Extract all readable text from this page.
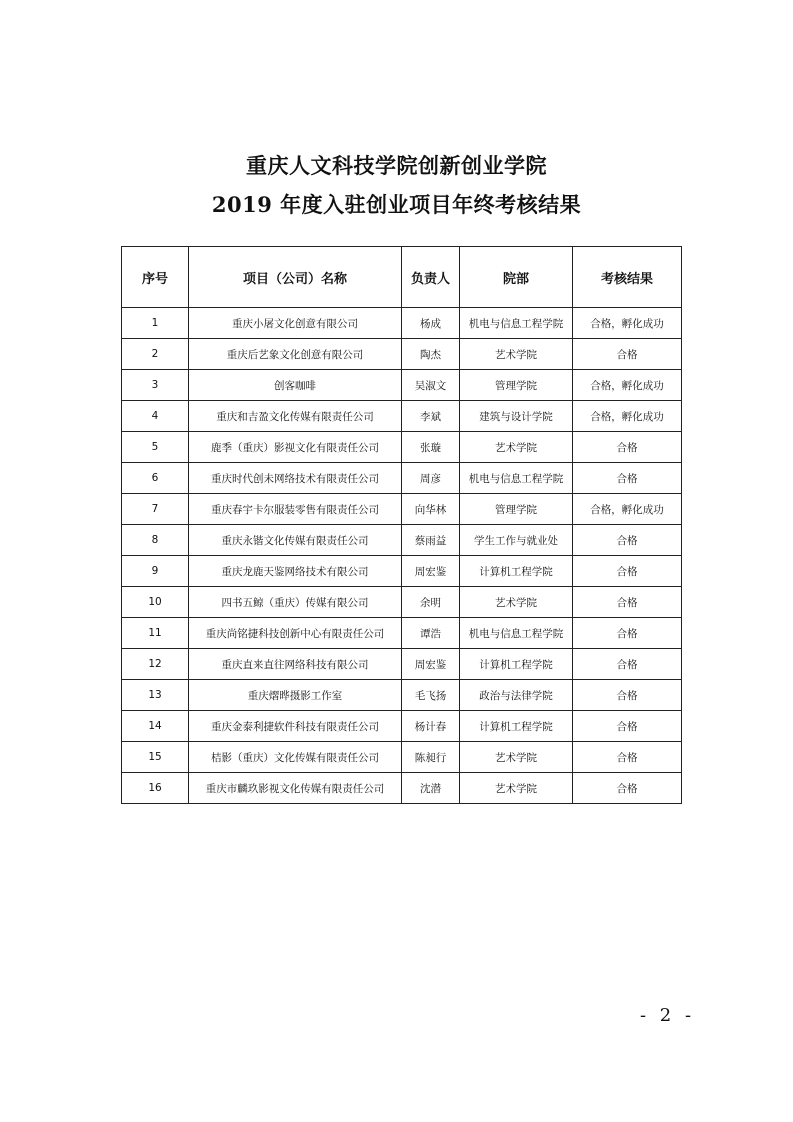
重庆人文科技学院创新创业学院
2019 年度入驻创业项目年终考核结果
序号	项目（公司）名称	负责人	院部	考核结果
1	重庆小屠文化创意有限公司	杨成	机电与信息工程学院	合格，孵化成功
2	重庆后艺象文化创意有限公司	陶杰	艺术学院	合格
3	创客咖啡	吴淑文	管理学院	合格，孵化成功
4	重庆和吉盈文化传媒有限责任公司	李斌	建筑与设计学院	合格，孵化成功
5	鹿季（重庆）影视文化有限责任公司	张璇	艺术学院	合格
6	重庆时代创未网络技术有限责任公司	周彦	机电与信息工程学院	合格
7	重庆春宇卡尔服装零售有限责任公司	向华林	管理学院	合格，孵化成功
8	重庆永锴文化传媒有限责任公司	蔡雨益	学生工作与就业处	合格
9	重庆龙鹿天鉴网络技术有限公司	周宏鉴	计算机工程学院	合格
10	四书五鲸（重庆）传媒有限公司	余明	艺术学院	合格
11	重庆尚铭捷科技创新中心有限责任公司	谭浩	机电与信息工程学院	合格
12	重庆直来直往网络科技有限公司	周宏鉴	计算机工程学院	合格
13	重庆熠晔摄影工作室	毛飞扬	政治与法律学院	合格
14	重庆金泰利捷软件科技有限责任公司	杨计春	计算机工程学院	合格
15	桔影（重庆）文化传媒有限责任公司	陈昶行	艺术学院	合格
16	重庆市麟玖影视文化传媒有限责任公司	沈潜	艺术学院	合格
- 2 -
